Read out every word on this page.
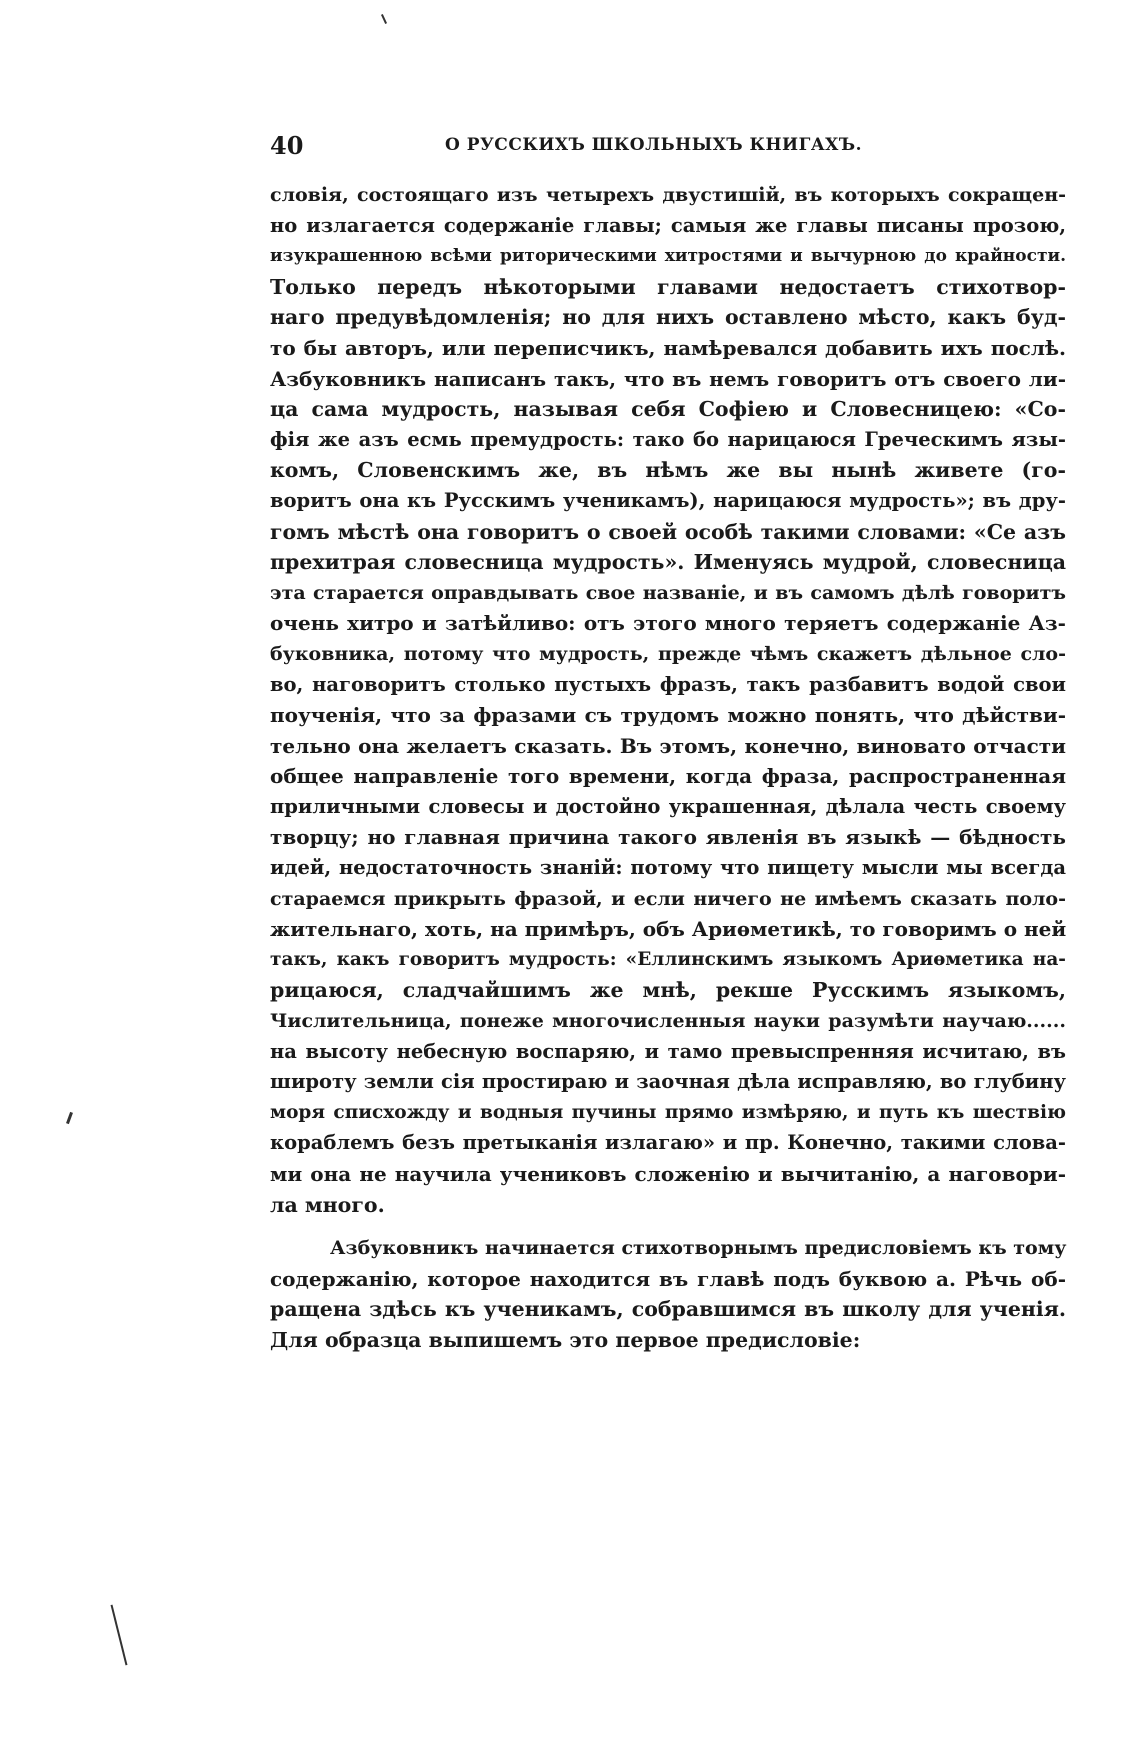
40	О РУССКИХЪ ШКОЛЬНЫХЪ КНИГАХЪ.
словія, состоящаго изъ четырехъ двустишій, въ которыхъ сокращен-
но излагается содержаніе главы; самыя же главы писаны прозою,
изукрашенною всѣми риторическими хитростями и вычурною до крайности.
Только передъ нѣкоторыми главами недостаетъ стихотвор-
наго предувѣдомленія; но для нихъ оставлено мѣсто, какъ буд-
то бы авторъ, или переписчикъ, намѣревался добавить ихъ послѣ.
Азбуковникъ написанъ такъ, что въ немъ говоритъ отъ своего ли-
ца сама мудрость, называя себя Софіею и Словесницею: «Со-
фія же азъ есмь премудрость: тако бо нарицаюся Греческимъ язы-
комъ, Словенскимъ же, въ нѣмъ же вы нынѣ живете (го-
воритъ она къ Русскимъ ученикамъ), нарицаюся мудрость»; въ дру-
гомъ мѣстѣ она говоритъ о своей особѣ такими словами: «Се азъ
прехитрая словесница мудрость». Именуясь мудрой, словесница
эта старается оправдывать свое названіе, и въ самомъ дѣлѣ говоритъ
очень хитро и затѣйливо: отъ этого много теряетъ содержаніе Аз-
буковника, потому что мудрость, прежде чѣмъ скажетъ дѣльное сло-
во, наговоритъ столько пустыхъ фразъ, такъ разбавитъ водой свои
поученія, что за фразами съ трудомъ можно понять, что дѣйстви-
тельно она желаетъ сказать. Въ этомъ, конечно, виновато отчасти
общее направленіе того времени, когда фраза, распространенная
приличными словесы и достойно украшенная, дѣлала честь своему
творцу; но главная причина такого явленія въ языкѣ — бѣдность
идей, недостаточность знаній: потому что пищету мысли мы всегда
стараемся прикрыть фразой, и если ничего не имѣемъ сказать поло-
жительнаго, хоть, на примѣръ, объ Ариѳметикѣ, то говоримъ о ней
такъ, какъ говоритъ мудрость: «Еллинскимъ языкомъ Ариѳметика на-
рицаюся, сладчайшимъ же мнѣ, рекше Русскимъ языкомъ,
Числительница, понеже многочисленныя науки разумѣти научаю......
на высоту небесную воспаряю, и тамо превыспренняя исчитаю, въ
широту земли сія простираю и заочная дѣла исправляю, во глубину
моря списхожду и водныя пучины прямо измѣряю, и путь къ шествію
кораблемъ безъ претыканія излагаю» и пр. Конечно, такими слова-
ми она не научила учениковъ сложенію и вычитанію, а наговори-
ла много.
Азбуковникъ начинается стихотворнымъ предисловіемъ къ тому
содержанію, которое находится въ главѣ подъ буквою а. Рѣчь об-
ращена здѣсь къ ученикамъ, собравшимся въ школу для ученія.
Для образца выпишемъ это первое предисловіе:
